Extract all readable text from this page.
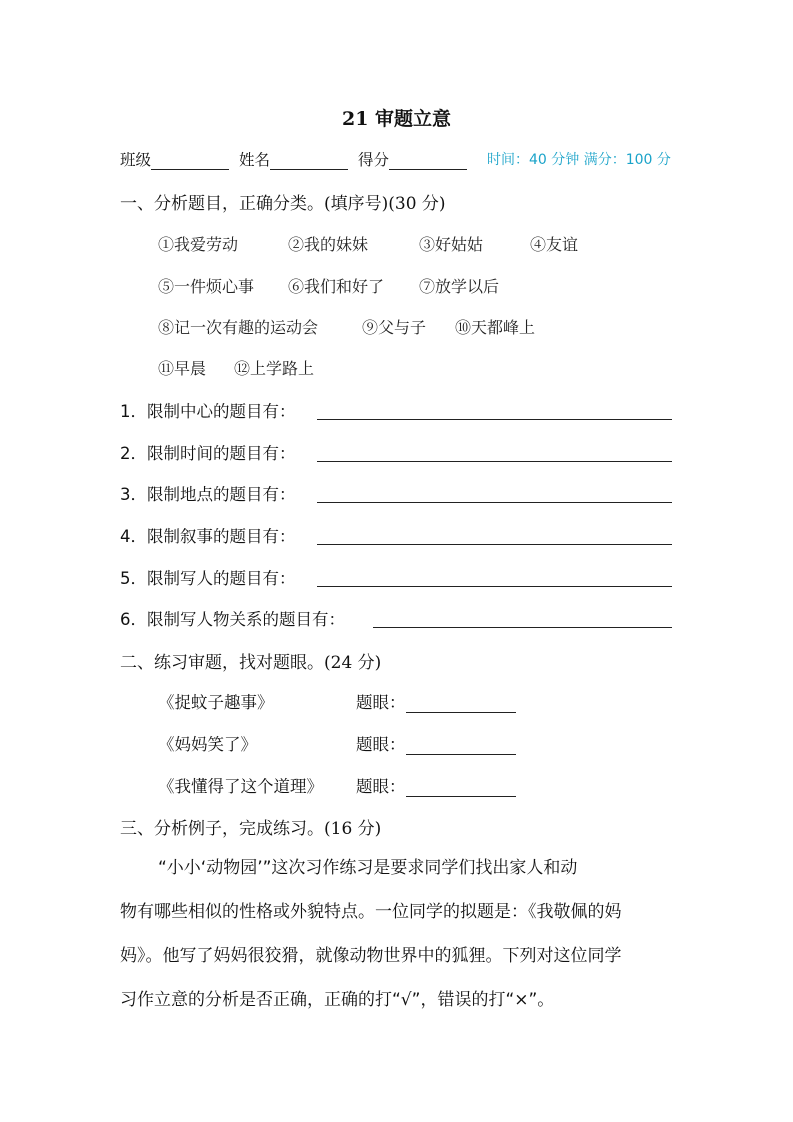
21 审题立意
班级	姓名	得分	时间：40 分钟 满分：100 分
一、分析题目，正确分类。(填序号)(30 分)
①我爱劳动	②我的妹妹	③好姑姑	④友谊
⑤一件烦心事 ⑥我们和好了 ⑦放学以后
⑧记一次有趣的运动会	⑨父与子 ⑩天都峰上
⑪早晨 ⑫上学路上
1．限制中心的题目有：
2．限制时间的题目有：
3．限制地点的题目有：
4．限制叙事的题目有：
5．限制写人的题目有：
6．限制写人物关系的题目有：
二、练习审题，找对题眼。(24 分)
《捉蚊子趣事》	题眼：
《妈妈笑了》	题眼：
《我懂得了这个道理》 题眼：
三、分析例子，完成练习。(16 分)
“小小‘动物园’”这次习作练习是要求同学们找出家人和动
物有哪些相似的性格或外貌特点。一位同学的拟题是：《我敬佩的妈
妈》。他写了妈妈很狡猾，就像动物世界中的狐狸。下列对这位同学
习作立意的分析是否正确，正确的打“√”，错误的打“×”。
